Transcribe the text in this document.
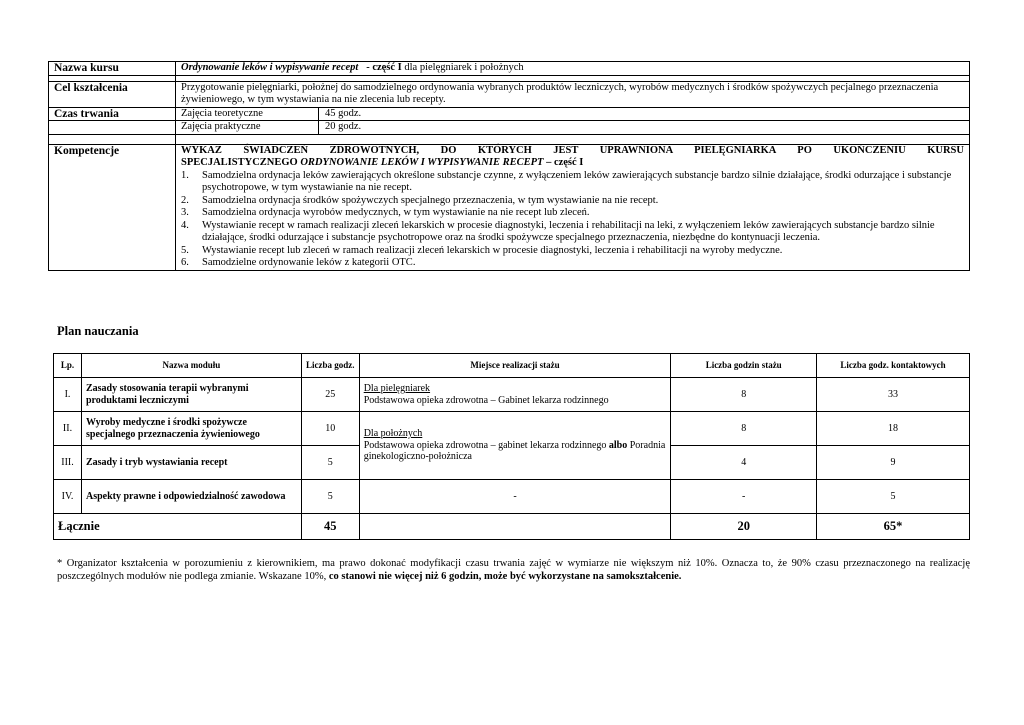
Nazwa kursu	Ordynowanie leków i wypisywanie recept - część I dla pielęgniarek i położnych

Cel kształcenia	Przygotowanie pielęgniarki, położnej do samodzielnego ordynowania wybranych produktów leczniczych, wyrobów medycznych i środków spożywczych pecjalnego przeznaczenia żywieniowego, w tym wystawiania na nie zlecenia lub recepty.
Czas trwania		Zajęcia teoretyczne	45 godz.

Zajęcia praktyczne	20 godz.

Kompetencje	WYKAZ ŚWIADCZEŃ ZDROWOTNYCH, DO KTÓRYCH JEST UPRAWNIONA PIELĘGNIARKA PO UKOŃCZENIU KURSU
SPECJALISTYCZNEGO ORDYNOWANIE LEKÓW I WYPISYWANIE RECEPT – część I
1. Samodzielna ordynacja leków zawierających określone substancje czynne, z wyłączeniem leków zawierających substancje bardzo silnie działające, środki odurzające i substancje psychotropowe, w tym wystawianie na nie recept.
2. Samodzielna ordynacja środków spożywczych specjalnego przeznaczenia, w tym wystawianie na nie recept.
3. Samodzielna ordynacja wyrobów medycznych, w tym wystawianie na nie recept lub zleceń.
4. Wystawianie recept w ramach realizacji zleceń lekarskich w procesie diagnostyki, leczenia i rehabilitacji na leki, z wyłączeniem leków zawierających substancje bardzo silnie działające, środki odurzające i substancje psychotropowe oraz na środki spożywcze specjalnego przeznaczenia, niezbędne do kontynuacji leczenia.
5. Wystawianie recept lub zleceń w ramach realizacji zleceń lekarskich w procesie diagnostyki, leczenia i rehabilitacji na wyroby medyczne.
6. Samodzielne ordynowanie leków z kategorii OTC.
Plan nauczania
Lp.	Nazwa modułu	Liczba godz.	Miejsce realizacji stażu	Liczba godzin stażu	Liczba godz. kontaktowych
I.	Zasady stosowania terapii wybranymi produktami leczniczymi	25	Dla pielęgniarek
Podstawowa opieka zdrowotna – Gabinet lekarza rodzinnego	8	33
II.	Wyroby medyczne i środki spożywcze specjalnego przeznaczenia żywieniowego	10	Dla położnych
Podstawowa opieka zdrowotna – gabinet lekarza rodzinnego albo Poradnia ginekologiczno-położnicza	8	18
III.	Zasady i tryb wystawiania recept	5		4	9
IV.	Aspekty prawne i odpowiedzialność zawodowa	5	-	-	5
Łącznie		45		20	65*
* Organizator kształcenia w porozumieniu z kierownikiem, ma prawo dokonać modyfikacji czasu trwania zajęć w wymiarze nie większym niż 10%. Oznacza to, że 90% czasu przeznaczonego na realizację poszczególnych modułów nie podlega zmianie. Wskazane 10%, co stanowi nie więcej niż 6 godzin, może być wykorzystane na samokształcenie.
